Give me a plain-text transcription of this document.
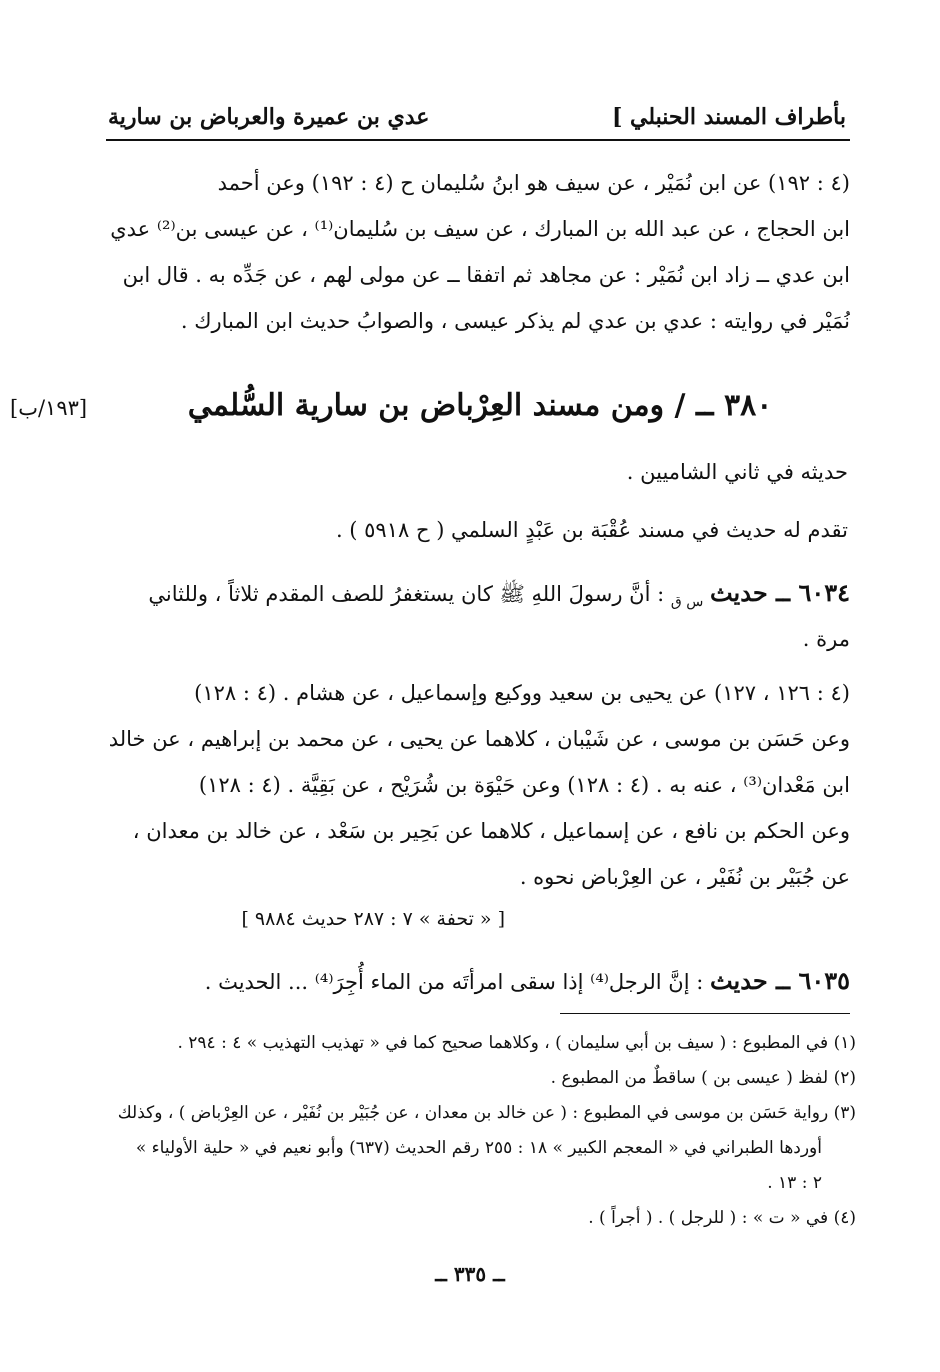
بأطراف المسند الحنبلي ]
عدي بن عميرة والعرباض بن سارية
(٤ : ١٩٢) عن ابن نُمَيْر ، عن سيف هو ابنُ سُليمان ح (٤ : ١٩٢) وعن أحمد
ابن الحجاج ، عن عبد الله بن المبارك ، عن سيف بن سُليمان⁽¹⁾ ، عن عيسى بن⁽²⁾ عدي
ابن عدي ــ زاد ابن نُمَيْر : عن مجاهد ثم اتفقا ــ عن مولى لهم ، عن جَدِّه به . قال ابن
نُمَيْر في روايته : عدي بن عدي لم يذكر عيسى ، والصوابُ حديث ابن المبارك .
[١٩٣/ب]	٣٨٠ ــ / ومن مسند العِرْباض بن سارية السُّلمي
حديثه في ثاني الشاميين .
تقدم له حديث في مسند عُقْبَة بن عَبْدٍ السلمي ( ح ٥٩١٨ ) .
٦٠٣٤ ــ حديث $_{س ق}$ : أنَّ رسولَ اللهِ ﷺ كان يستغفرُ للصف المقدم ثلاثاً ، وللثاني
مرة .
(٤ : ١٢٦ ، ١٢٧) عن يحيى بن سعيد ووكيع وإسماعيل ، عن هشام . (٤ : ١٢٨)
وعن حَسَن بن موسى ، عن شَيْبان ، كلاهما عن يحيى ، عن محمد بن إبراهيم ، عن خالد
ابن مَعْدان⁽³⁾ ، عنه به . (٤ : ١٢٨) وعن حَيْوَة بن شُرَيْح ، عن بَقِيَّة . (٤ : ١٢٨)
وعن الحكم بن نافع ، عن إسماعيل ، كلاهما عن بَحِير بن سَعْد ، عن خالد بن معدان ،
عن جُبَيْر بن نُفَيْر ، عن العِرْباض نحوه .
[ « تحفة » ٧ : ٢٨٧ حديث ٩٨٨٤ ]
٦٠٣٥ ــ حديث : إنَّ الرجل⁽⁴⁾ إذا سقى امرأتَه من الماء أُجِرَ⁽⁴⁾ ... الحديث .
(١) في المطبوع : ( سيف بن أبي سليمان ) ، وكلاهما صحيح كما في « تهذيب التهذيب » ٤ : ٢٩٤ .
(٢) لفظ ( عيسى بن ) ساقطٌ من المطبوع .
(٣) رواية حَسَن بن موسى في المطبوع : ( عن خالد بن معدان ، عن جُبَيْر بن نُفَيْر ، عن العِرْباض ) ، وكذلك
أوردها الطبراني في « المعجم الكبير » ١٨ : ٢٥٥ رقم الحديث (٦٣٧) وأبو نعيم في « حلية الأولياء »
٢ : ١٣ .
(٤) في « ت » : ( للرجل ) . ( أجراً ) .
ــ ٣٣٥ ــ
